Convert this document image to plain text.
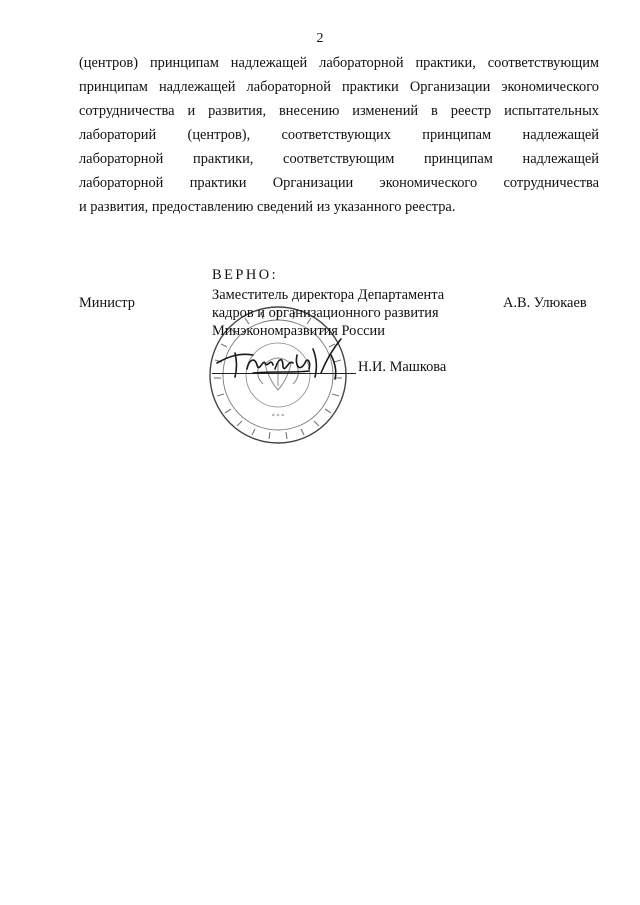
2
(центров) принципам надлежащей лабораторной практики, соответствующим
принципам надлежащей лабораторной практики Организации экономического
сотрудничества и развития, внесению изменений в реестр испытательных
лабораторий (центров), соответствующих принципам надлежащей
лабораторной практики, соответствующим принципам надлежащей
лабораторной практики Организации экономического сотрудничества
и развития, предоставлению сведений из указанного реестра.
Министр	А.В. Улюкаев
* * *
ВЕРНО:
Заместитель директора Департамента
кадров и организационного развития
Минэкономразвития России
Н.И. Машкова
